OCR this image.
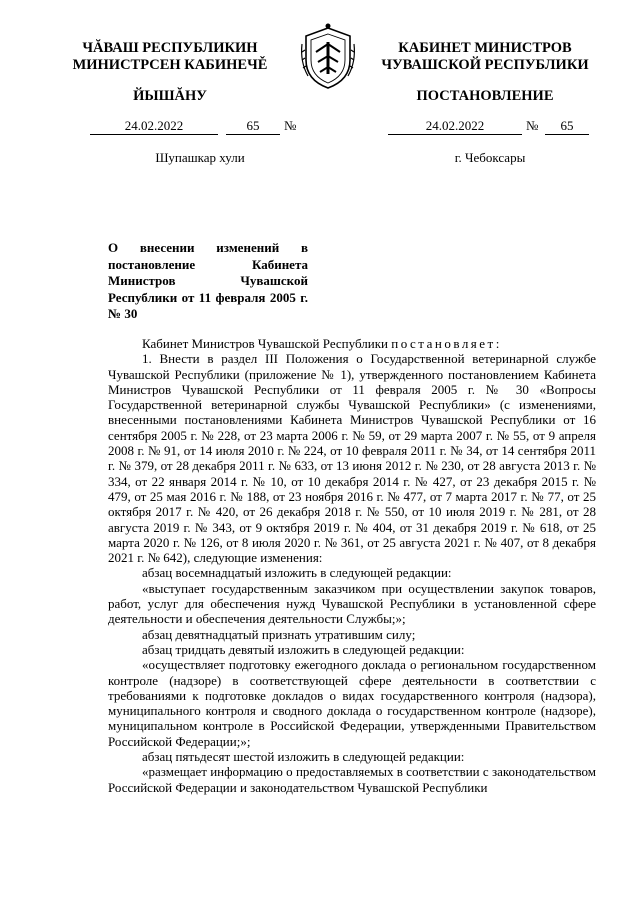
ЧĂВАШ РЕСПУБЛИКИН
МИНИСТРСЕН КАБИНЕЧĚ
ЙЫШĂНУ
КАБИНЕТ МИНИСТРОВ
ЧУВАШСКОЙ РЕСПУБЛИКИ
ПОСТАНОВЛЕНИЕ
24.02.2022	65	№
Шупашкар хули
24.02.2022	№	65
г. Чебоксары
О внесении изменений в постановление Кабинета Министров Чувашской Республики от 11 февраля 2005 г. № 30

Кабинет Министров Чувашской Республики постановляет:

1. Внести в раздел III Положения о Государственной ветеринарной службе Чувашской Республики (приложение № 1), утвержденного постановлением Кабинета Министров Чувашской Республики от 11 февраля 2005 г. № 30 «Вопросы Государственной ветеринарной службы Чувашской Республики» (с изменениями, внесенными постановлениями Кабинета Министров Чувашской Республики от 16 сентября 2005 г. № 228, от 23 марта 2006 г. № 59, от 29 марта 2007 г. № 55, от 9 апреля 2008 г. № 91, от 14 июля 2010 г. № 224, от 10 февраля 2011 г. № 34, от 14 сентября 2011 г. № 379, от 28 декабря 2011 г. № 633, от 13 июня 2012 г. № 230, от 28 августа 2013 г. № 334, от 22 января 2014 г. № 10, от 10 декабря 2014 г. № 427, от 23 декабря 2015 г. № 479, от 25 мая 2016 г. № 188, от 23 ноября 2016 г. № 477, от 7 марта 2017 г. № 77, от 25 октября 2017 г. № 420, от 26 декабря 2018 г. № 550, от 10 июля 2019 г. № 281, от 28 августа 2019 г. № 343, от 9 октября 2019 г. № 404, от 31 декабря 2019 г. № 618, от 25 марта 2020 г. № 126, от 8 июля 2020 г. № 361, от 25 августа 2021 г. № 407, от 8 декабря 2021 г. № 642), следующие изменения:

абзац восемнадцатый изложить в следующей редакции:

«выступает государственным заказчиком при осуществлении закупок товаров, работ, услуг для обеспечения нужд Чувашской Республики в установленной сфере деятельности и обеспечения деятельности Службы;»;

абзац девятнадцатый признать утратившим силу;

абзац тридцать девятый изложить в следующей редакции:

«осуществляет подготовку ежегодного доклада о региональном государственном контроле (надзоре) в соответствующей сфере деятельности в соответствии с требованиями к подготовке докладов о видах государственного контроля (надзора), муниципального контроля и сводного доклада о государственном контроле (надзоре), муниципальном контроле в Российской Федерации, утвержденными Правительством Российской Федерации;»;

абзац пятьдесят шестой изложить в следующей редакции:

«размещает информацию о предоставляемых в соответствии с законодательством Российской Федерации и законодательством Чувашской Республики
